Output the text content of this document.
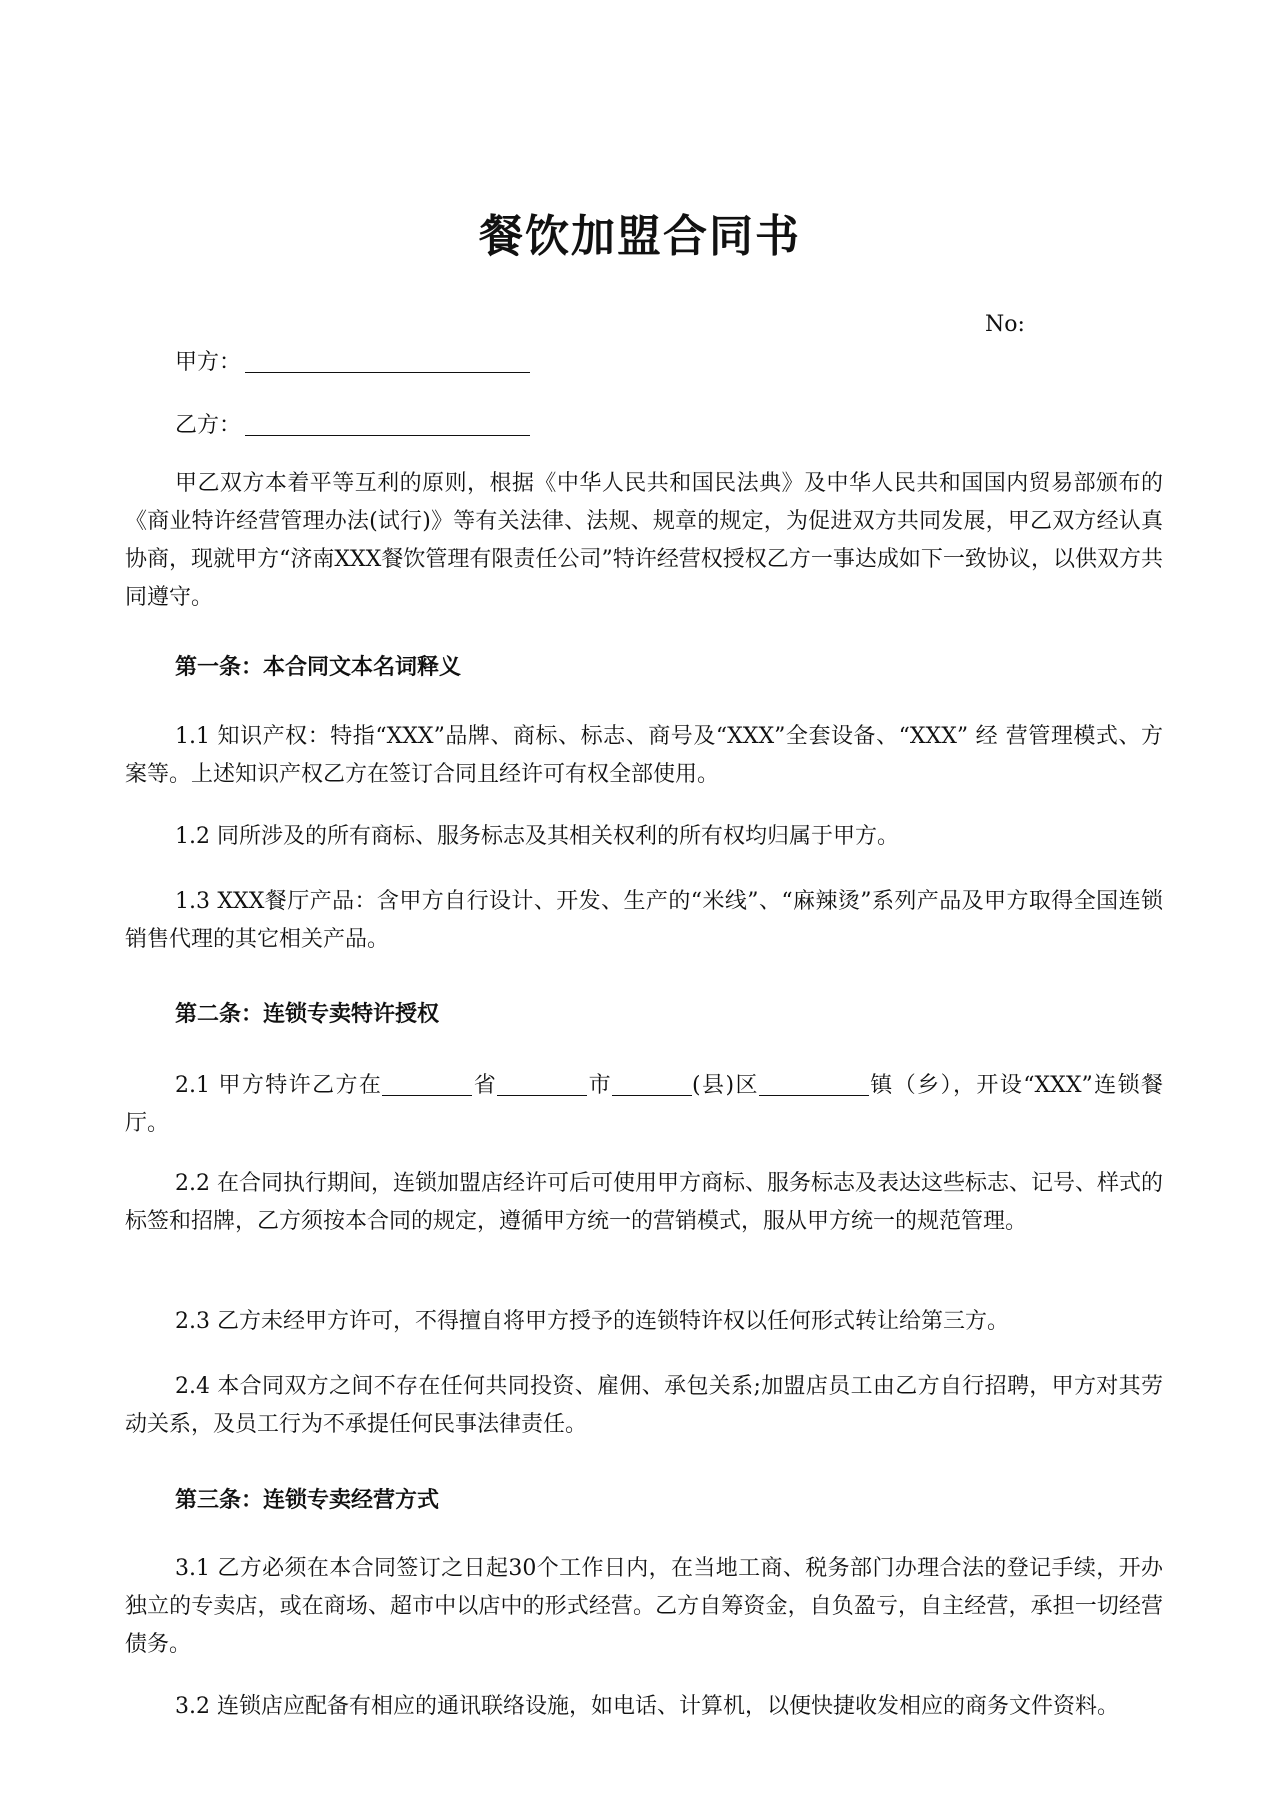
餐饮加盟合同书
No:
甲方：
乙方：
甲乙双方本着平等互利的原则，根据《中华人民共和国民法典》及中华人民共和国国内贸易部颁布的《商业特许经营管理办法(试行)》等有关法律、法规、规章的规定，为促进双方共同发展，甲乙双方经认真协商，现就甲方“济南XXX餐饮管理有限责任公司”特许经营权授权乙方一事达成如下一致协议，以供双方共同遵守。
第一条：本合同文本名词释义
1.1 知识产权：特指“XXX”品牌、商标、标志、商号及“XXX”全套设备、“XXX” 经 营管理模式、方案等。上述知识产权乙方在签订合同且经许可有权全部使用。
1.2 同所涉及的所有商标、服务标志及其相关权利的所有权均归属于甲方。
1.3 XXX餐厅产品：含甲方自行设计、开发、生产的“米线”、“麻辣烫”系列产品及甲方取得全国连锁销售代理的其它相关产品。
第二条：连锁专卖特许授权
2.1 甲方特许乙方在	省	市	(县)区	镇（乡），开设“XXX”连锁餐厅。
2.2 在合同执行期间，连锁加盟店经许可后可使用甲方商标、服务标志及表达这些标志、记号、样式的标签和招牌，乙方须按本合同的规定，遵循甲方统一的营销模式，服从甲方统一的规范管理。
2.3 乙方未经甲方许可，不得擅自将甲方授予的连锁特许权以任何形式转让给第三方。
2.4 本合同双方之间不存在任何共同投资、雇佣、承包关系;加盟店员工由乙方自行招聘，甲方对其劳动关系，及员工行为不承提任何民事法律责任。
第三条：连锁专卖经营方式
3.1 乙方必须在本合同签订之日起30个工作日内，在当地工商、税务部门办理合法的登记手续，开办独立的专卖店，或在商场、超市中以店中的形式经营。乙方自筹资金，自负盈亏，自主经营，承担一切经营债务。
3.2 连锁店应配备有相应的通讯联络设施，如电话、计算机，以便快捷收发相应的商务文件资料。
